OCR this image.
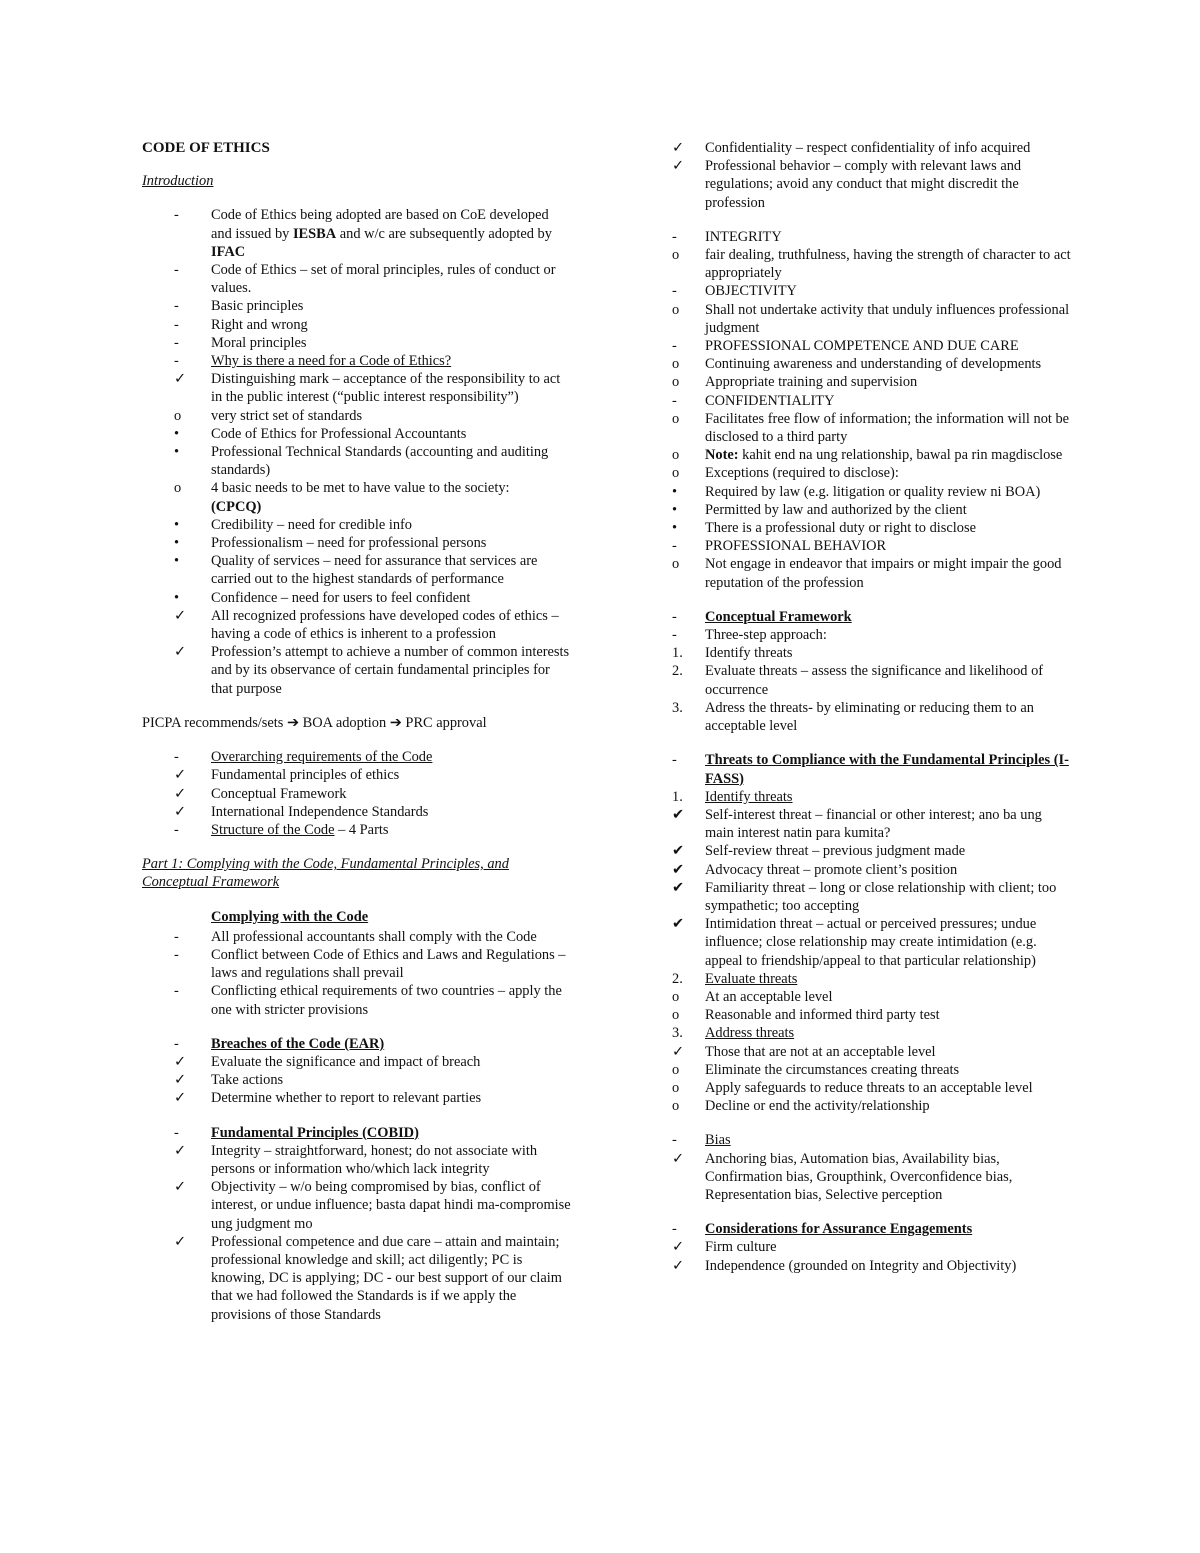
CODE OF ETHICS
Introduction
-	Code of Ethics being adopted are based on CoE developed and issued by IESBA and w/c are subsequently adopted by IFAC
-	Code of Ethics – set of moral principles, rules of conduct or values.
-	Basic principles
-	Right and wrong
-	Moral principles
-	Why is there a need for a Code of Ethics?
✓	Distinguishing mark – acceptance of the responsibility to act in the public interest (“public interest responsibility”)
o	very strict set of standards
•	Code of Ethics for Professional Accountants
•	Professional Technical Standards (accounting and auditing standards)
o	4 basic needs to be met to have value to the society:
(CPCQ)
•	Credibility – need for credible info
•	Professionalism – need for professional persons
•	Quality of services – need for assurance that services are carried out to the highest standards of performance
•	Confidence – need for users to feel confident
✓	All recognized professions have developed codes of ethics – having a code of ethics is inherent to a profession
✓	Profession’s attempt to achieve a number of common interests and by its observance of certain fundamental principles for that purpose
PICPA recommends/sets ➔ BOA adoption ➔ PRC approval
-	Overarching requirements of the Code
✓	Fundamental principles of ethics
✓	Conceptual Framework
✓	International Independence Standards
-	Structure of the Code – 4 Parts
Part 1: Complying with the Code, Fundamental Principles, and Conceptual Framework
Complying with the Code
-	All professional accountants shall comply with the Code
-	Conflict between Code of Ethics and Laws and Regulations – laws and regulations shall prevail
-	Conflicting ethical requirements of two countries – apply the one with stricter provisions
-	Breaches of the Code (EAR)
✓	Evaluate the significance and impact of breach
✓	Take actions
✓	Determine whether to report to relevant parties
-	Fundamental Principles (COBID)
✓	Integrity – straightforward, honest; do not associate with persons or information who/which lack integrity
✓	Objectivity – w/o being compromised by bias, conflict of interest, or undue influence; basta dapat hindi ma-compromise ung judgment mo
✓	Professional competence and due care – attain and maintain; professional knowledge and skill; act diligently; PC is knowing, DC is applying; DC - our best support of our claim that we had followed the Standards is if we apply the provisions of those Standards
✓	Confidentiality – respect confidentiality of info acquired
✓	Professional behavior – comply with relevant laws and regulations; avoid any conduct that might discredit the profession
-	INTEGRITY
o	fair dealing, truthfulness, having the strength of character to act appropriately
-	OBJECTIVITY
o	Shall not undertake activity that unduly influences professional judgment
-	PROFESSIONAL COMPETENCE AND DUE CARE
o	Continuing awareness and understanding of developments
o	Appropriate training and supervision
-	CONFIDENTIALITY
o	Facilitates free flow of information; the information will not be disclosed to a third party
o	Note: kahit end na ung relationship, bawal pa rin magdisclose
o	Exceptions (required to disclose):
•	Required by law (e.g. litigation or quality review ni BOA)
•	Permitted by law and authorized by the client
•	There is a professional duty or right to disclose
-	PROFESSIONAL BEHAVIOR
o	Not engage in endeavor that impairs or might impair the good reputation of the profession
-	Conceptual Framework
-	Three-step approach:
1.	Identify threats
2.	Evaluate threats – assess the significance and likelihood of occurrence
3.	Adress the threats- by eliminating or reducing them to an acceptable level
-	Threats to Compliance with the Fundamental Principles (I-FASS)
1.	Identify threats
✔	Self-interest threat – financial or other interest; ano ba ung main interest natin para kumita?
✔	Self-review threat – previous judgment made
✔	Advocacy threat – promote client’s position
✔	Familiarity threat – long or close relationship with client; too sympathetic; too accepting
✔	Intimidation threat – actual or perceived pressures; undue influence; close relationship may create intimidation (e.g. appeal to friendship/appeal to that particular relationship)
2.	Evaluate threats
o	At an acceptable level
o	Reasonable and informed third party test
3.	Address threats
✓	Those that are not at an acceptable level
o	Eliminate the circumstances creating threats
o	Apply safeguards to reduce threats to an acceptable level
o	Decline or end the activity/relationship
-	Bias
✓	Anchoring bias, Automation bias, Availability bias, Confirmation bias, Groupthink, Overconfidence bias, Representation bias, Selective perception
-	Considerations for Assurance Engagements
✓	Firm culture
✓	Independence (grounded on Integrity and Objectivity)
